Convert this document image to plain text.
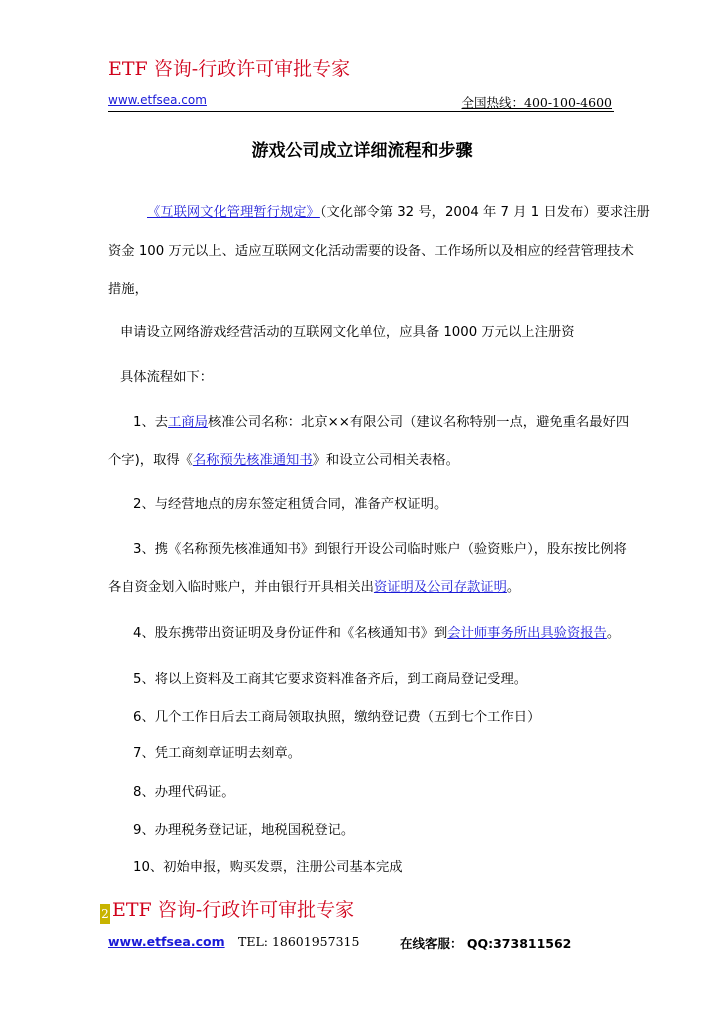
ETF 咨询-行政许可审批专家
www.etfsea.com	全国热线：400-100-4600
游戏公司成立详细流程和步骤
《互联网文化管理暂行规定》（文化部令第 32 号，2004 年 7 月 1 日发布）要求注册
资金 100 万元以上、适应互联网文化活动需要的设备、工作场所以及相应的经营管理技术
措施，
申请设立网络游戏经营活动的互联网文化单位，应具备 1000 万元以上注册资
具体流程如下：
1、去工商局核准公司名称：北京××有限公司（建议名称特别一点，避免重名最好四
个字)，取得《名称预先核准通知书》和设立公司相关表格。
2、与经营地点的房东签定租赁合同，准备产权证明。
3、携《名称预先核准通知书》到银行开设公司临时账户（验资账户），股东按比例将
各自资金划入临时账户，并由银行开具相关出资证明及公司存款证明。
4、股东携带出资证明及身份证件和《名核通知书》到会计师事务所出具验资报告。
5、将以上资料及工商其它要求资料准备齐后，到工商局登记受理。
6、几个工作日后去工商局领取执照，缴纳登记费（五到七个工作日）
7、凭工商刻章证明去刻章。
8、办理代码证。
9、办理税务登记证，地税国税登记。
10、初始申报，购买发票，注册公司基本完成
2 ETF 咨询-行政许可审批专家
www.etfsea.com TEL: 18601957315	在线客服： QQ:373811562
